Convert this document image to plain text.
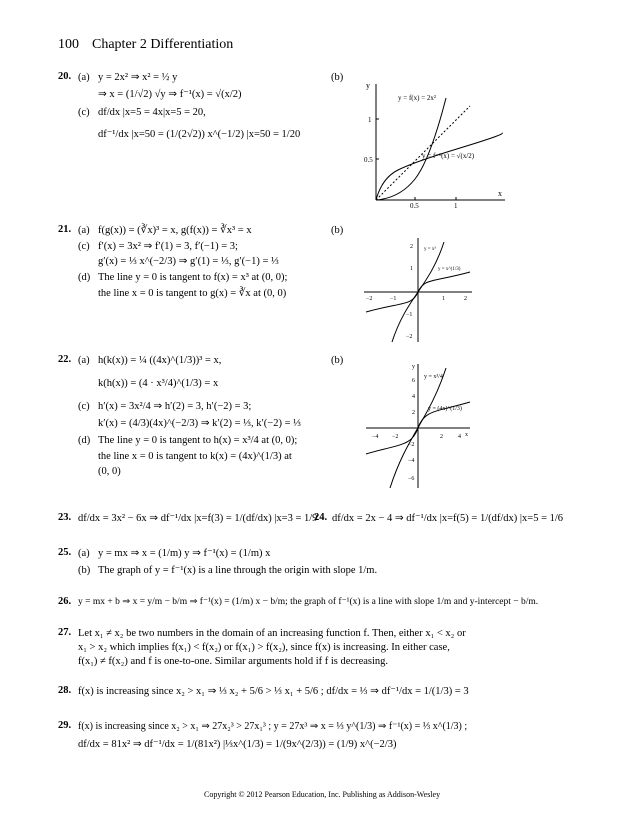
100 Chapter 2 Differentiation
20. (a) y = 2x² ⇒ x² = ½ y
⇒ x = (1/√2) √y ⇒ f⁻¹(x) = √(x/2)
(c) df/dx |x=5 = 4x|x=5 = 20,
df⁻¹/dx |x=50 = (1/(2√2)) x^(−1/2) |x=50 = 1/20
(b)
y
x
1
0.5
0.5	1
y = f(x) = 2x²
y = f⁻¹(x) = √(x/2)
21. (a) f(g(x)) = (∛x)³ = x, g(f(x)) = ∛x³ = x
(c) f′(x) = 3x² ⇒ f′(1) = 3, f′(−1) = 3;
g′(x) = ⅓ x^(−2/3) ⇒ g′(1) = ⅓, g′(−1) = ⅓
(d) The line y = 0 is tangent to f(x) = x³ at (0, 0);
the line x = 0 is tangent to g(x) = ∛x at (0, 0)
(b)
2
1
−1
−2
−2	−1	1	2
y = x³
y = x^(1/3)
22. (a) h(k(x)) = ¼ ((4x)^(1/3))³ = x,
k(h(x)) = (4 · x³/4)^(1/3) = x
(c) h′(x) = 3x²/4 ⇒ h′(2) = 3, h′(−2) = 3;
k′(x) = (4/3)(4x)^(−2/3) ⇒ k′(2) = ⅓, k′(−2) = ⅓
(d) The line y = 0 is tangent to h(x) = x³/4 at (0, 0);
the line x = 0 is tangent to k(x) = (4x)^(1/3) at
(0, 0)
(b)
y
x
6
4
2
−2
−4
−6
−4 −2	2	4
y = x³/4
y = (4x)^(1/3)
23. df/dx = 3x² − 6x ⇒ df⁻¹/dx |x=f(3) = 1/(df/dx) |x=3 = 1/9
24. df/dx = 2x − 4 ⇒ df⁻¹/dx |x=f(5) = 1/(df/dx) |x=5 = 1/6
25. (a) y = mx ⇒ x = (1/m) y ⇒ f⁻¹(x) = (1/m) x
(b) The graph of y = f⁻¹(x) is a line through the origin with slope 1/m.
26. y = mx + b ⇒ x = y/m − b/m ⇒ f⁻¹(x) = (1/m) x − b/m; the graph of f⁻¹(x) is a line with slope 1/m and y-intercept − b/m.
27. Let x₁ ≠ x₂ be two numbers in the domain of an increasing function f. Then, either x₁ < x₂ or
x₁ > x₂ which implies f(x₁) < f(x₂) or f(x₁) > f(x₂), since f(x) is increasing. In either case,
f(x₁) ≠ f(x₂) and f is one-to-one. Similar arguments hold if f is decreasing.
28. f(x) is increasing since x₂ > x₁ ⇒ ⅓ x₂ + 5/6 > ⅓ x₁ + 5/6 ; df/dx = ⅓ ⇒ df⁻¹/dx = 1/(1/3) = 3
29. f(x) is increasing since x₂ > x₁ ⇒ 27x₂³ > 27x₁³ ; y = 27x³ ⇒ x = ⅓ y^(1/3) ⇒ f⁻¹(x) = ⅓ x^(1/3) ;
df/dx = 81x² ⇒ df⁻¹/dx = 1/(81x²) |⅓x^(1/3) = 1/(9x^(2/3)) = (1/9) x^(−2/3)
Copyright © 2012 Pearson Education, Inc. Publishing as Addison-Wesley
